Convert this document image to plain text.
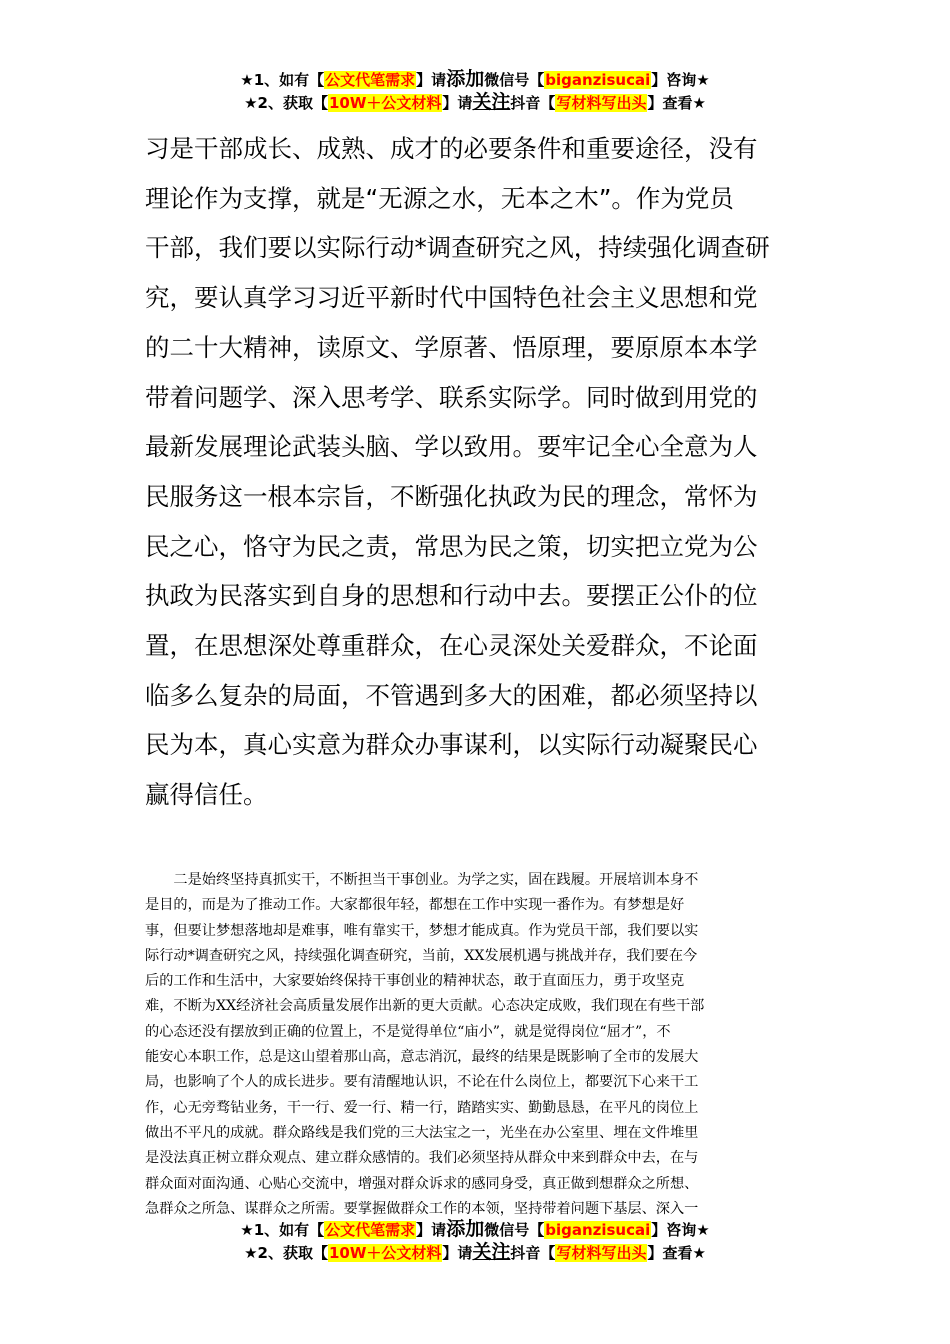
★1、如有【公文代笔需求】请添加微信号【biganzisucai】咨询★
★2、获取【10W＋公文材料】请关注抖音【写材料写出头】查看★
习是干部成长、成熟、成才的必要条件和重要途径，没有
理论作为支撑，就是“无源之水，无本之木”。作为党员
干部，我们要以实际行动*调查研究之风，持续强化调查研
究，要认真学习习近平新时代中国特色社会主义思想和党
的二十大精神，读原文、学原著、悟原理，要原原本本学
带着问题学、深入思考学、联系实际学。同时做到用党的
最新发展理论武装头脑、学以致用。要牢记全心全意为人
民服务这一根本宗旨，不断强化执政为民的理念，常怀为
民之心，恪守为民之责，常思为民之策，切实把立党为公
执政为民落实到自身的思想和行动中去。要摆正公仆的位
置，在思想深处尊重群众，在心灵深处关爱群众，不论面
临多么复杂的局面，不管遇到多大的困难，都必须坚持以
民为本，真心实意为群众办事谋利，以实际行动凝聚民心
赢得信任。
　　二是始终坚持真抓实干，不断担当干事创业。为学之实，固在践履。开展培训本身不
是目的，而是为了推动工作。大家都很年轻，都想在工作中实现一番作为。有梦想是好
事，但要让梦想落地却是难事，唯有靠实干，梦想才能成真。作为党员干部，我们要以实
际行动*调查研究之风，持续强化调查研究，当前，XX发展机遇与挑战并存，我们要在今
后的工作和生活中，大家要始终保持干事创业的精神状态，敢于直面压力，勇于攻坚克
难，不断为XX经济社会高质量发展作出新的更大贡献。心态决定成败，我们现在有些干部
的心态还没有摆放到正确的位置上，不是觉得单位“庙小”，就是觉得岗位“屈才”，不
能安心本职工作，总是这山望着那山高，意志消沉，最终的结果是既影响了全市的发展大
局，也影响了个人的成长进步。要有清醒地认识，不论在什么岗位上，都要沉下心来干工
作，心无旁骛钻业务，干一行、爱一行、精一行，踏踏实实、勤勤恳恳，在平凡的岗位上
做出不平凡的成就。群众路线是我们党的三大法宝之一，光坐在办公室里、埋在文件堆里
是没法真正树立群众观点、建立群众感情的。我们必须坚持从群众中来到群众中去，在与
群众面对面沟通、心贴心交流中，增强对群众诉求的感同身受，真正做到想群众之所想、
急群众之所急、谋群众之所需。要掌握做群众工作的本领，坚持带着问题下基层、深入一
★1、如有【公文代笔需求】请添加微信号【biganzisucai】咨询★
★2、获取【10W＋公文材料】请关注抖音【写材料写出头】查看★
